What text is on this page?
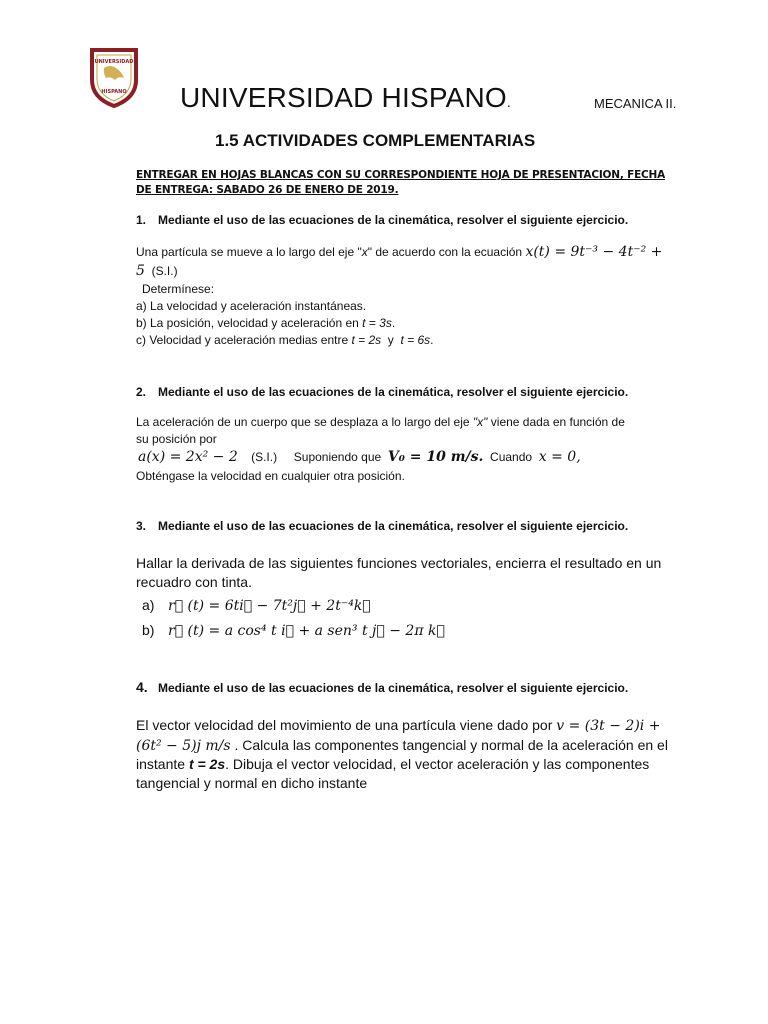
UNIVERSIDAD
HISPANO UNIVERSIDAD HISPANO.	MECANICA II.
1.5 ACTIVIDADES COMPLEMENTARIAS
ENTREGAR EN HOJAS BLANCAS CON SU CORRESPONDIENTE HOJA DE PRESENTACION, FECHA DE ENTREGA: SABADO 26 DE ENERO DE 2019.
1. Mediante el uso de las ecuaciones de la cinemática, resolver el siguiente ejercicio.
Una partícula se mueve a lo largo del eje "x" de acuerdo con la ecuación x(t) = 9t⁻³ − 4t⁻² +
5 (S.I.)
Determínese:
a) La velocidad y aceleración instantáneas.
b) La posición, velocidad y aceleración en t = 3s.
c) Velocidad y aceleración medias entre t = 2s  y  t = 6s.
2. Mediante el uso de las ecuaciones de la cinemática, resolver el siguiente ejercicio.
La aceleración de un cuerpo que se desplaza a lo largo del eje "x" viene dada en función de
su posición por
a(x) = 2x² − 2 (S.I.) Suponiendo que V₀ = 10 m/s. Cuando x = 0,
Obténgase la velocidad en cualquier otra posición.
3. Mediante el uso de las ecuaciones de la cinemática, resolver el siguiente ejercicio.
Hallar la derivada de las siguientes funciones vectoriales, encierra el resultado en un recuadro con tinta.
a) r⃗ (t) = 6ti⃗ − 7t²j⃗ + 2t⁻⁴k⃗
b) r⃗ (t) = a cos⁴ t i⃗ + a sen³ t j⃗ − 2π k⃗
4. Mediante el uso de las ecuaciones de la cinemática, resolver el siguiente ejercicio.
El vector velocidad del movimiento de una partícula viene dado por v = (3t − 2)i +
(6t² − 5)j m/s . Calcula las componentes tangencial y normal de la aceleración en el
instante t = 2s. Dibuja el vector velocidad, el vector aceleración y las componentes
tangencial y normal en dicho instante
